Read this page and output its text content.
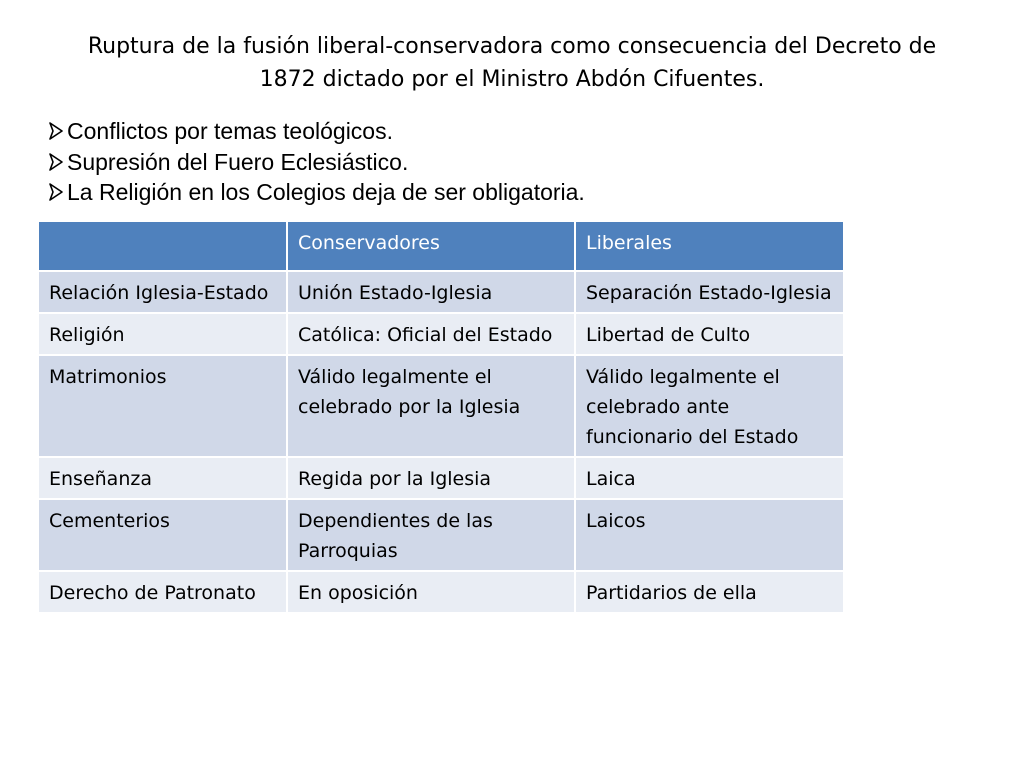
Ruptura de la fusión liberal-conservadora como consecuencia del Decreto de
1872 dictado por el Ministro Abdón Cifuentes.
Conflictos por temas teológicos.
Supresión del Fuero Eclesiástico.
La Religión en los Colegios deja de ser obligatoria.
	Conservadores	Liberales
Relación Iglesia-Estado	Unión Estado-Iglesia	Separación Estado-Iglesia
Religión	Católica: Oficial del Estado	Libertad de Culto
Matrimonios	Válido legalmente el celebrado por la Iglesia	Válido legalmente el celebrado ante funcionario del Estado
Enseñanza	Regida por la Iglesia	Laica
Cementerios	Dependientes de las Parroquias	Laicos
Derecho de Patronato	En oposición	Partidarios de ella
